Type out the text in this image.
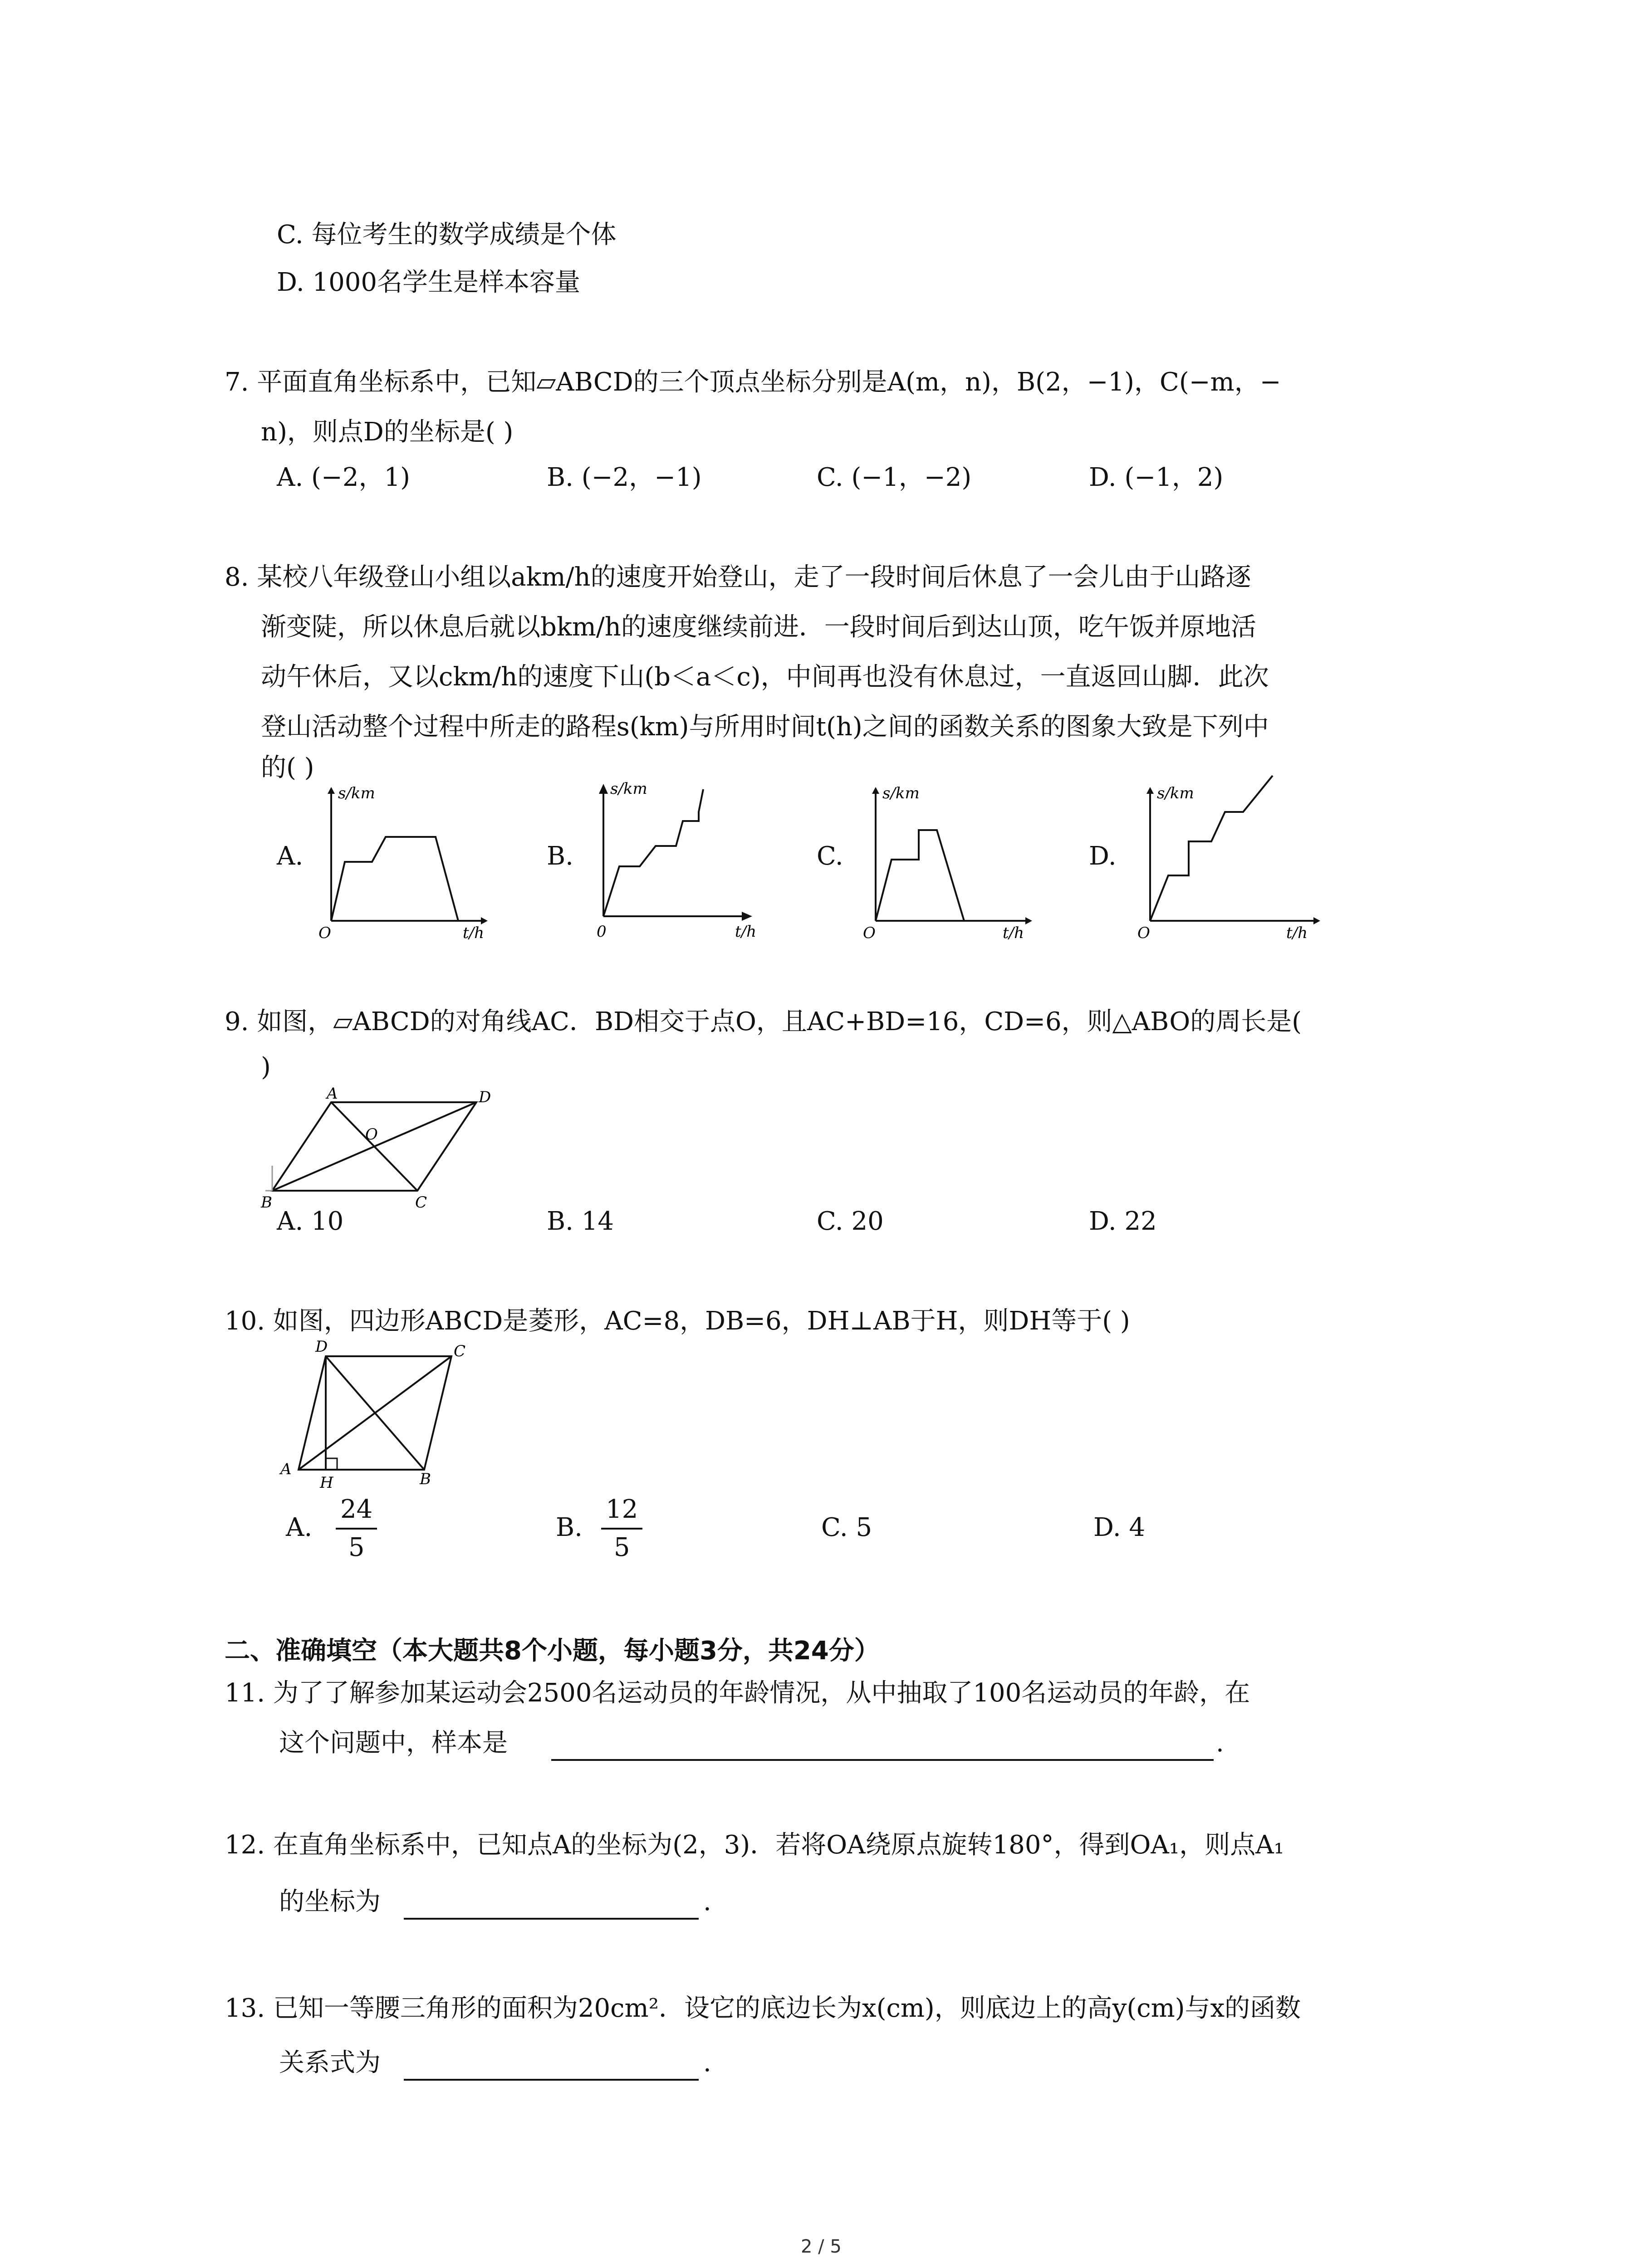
C. 每位考生的数学成绩是个体
D. 1000名学生是样本容量
7. 平面直角坐标系中，已知▱ABCD的三个顶点坐标分别是A(m，n)，B(2，−1)，C(−m，−
n)，则点D的坐标是( )
A. (−2，1)	B. (−2，−1)	C. (−1，−2)	D. (−1，2)
8. 某校八年级登山小组以akm/h的速度开始登山，走了一段时间后休息了一会儿由于山路逐
渐变陡，所以休息后就以bkm/h的速度继续前进．一段时间后到达山顶，吃午饭并原地活
动午休后，又以ckm/h的速度下山(b＜a＜c)，中间再也没有休息过，一直返回山脚．此次
登山活动整个过程中所走的路程s(km)与所用时间t(h)之间的函数关系的图象大致是下列中
的( )
A.	B.	C.	D.
s/km
t/h
O
s/km
t/h
0
s/km
t/h
O
s/km
t/h
O
9. 如图，▱ABCD的对角线AC．BD相交于点O，且AC+BD=16，CD=6，则△ABO的周长是(
)
A	D
O
B	C
A. 10	B. 14	C. 20	D. 22
10. 如图，四边形ABCD是菱形，AC=8，DB=6，DH⊥AB于H，则DH等于( )
D	C
A
H	B
A.
24
5
B.
12
5
C. 5	D. 4
二、准确填空（本大题共8个小题，每小题3分，共24分）
11. 为了了解参加某运动会2500名运动员的年龄情况，从中抽取了100名运动员的年龄，在
这个问题中，样本是	.
12. 在直角坐标系中，已知点A的坐标为(2，3)．若将OA绕原点旋转180°，得到OA₁，则点A₁
的坐标为	.
13. 已知一等腰三角形的面积为20cm²．设它的底边长为x(cm)，则底边上的高y(cm)与x的函数
关系式为	.
2 / 5
